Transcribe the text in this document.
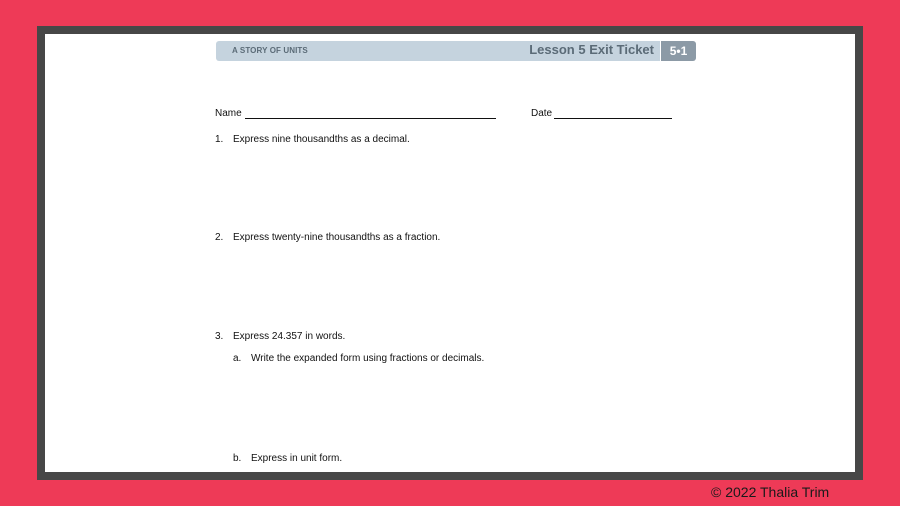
A STORY OF UNITS	Lesson 5 Exit Ticket	5•1
Name	Date
1. Express nine thousandths as a decimal.
2. Express twenty-nine thousandths as a fraction.
3. Express 24.357 in words.
a. Write the expanded form using fractions or decimals.
b. Express in unit form.
© 2022 Thalia Trim
